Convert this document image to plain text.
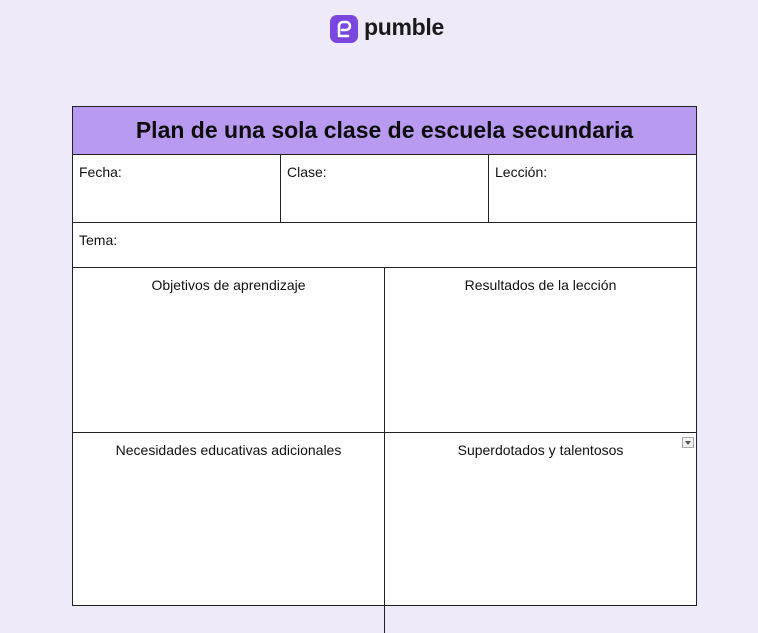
pumble
Plan de una sola clase de escuela secundaria
Fecha:	Clase:	Lección:
Tema:
Objetivos de aprendizaje	Resultados de la lección
Necesidades educativas adicionales	Superdotados y talentosos
